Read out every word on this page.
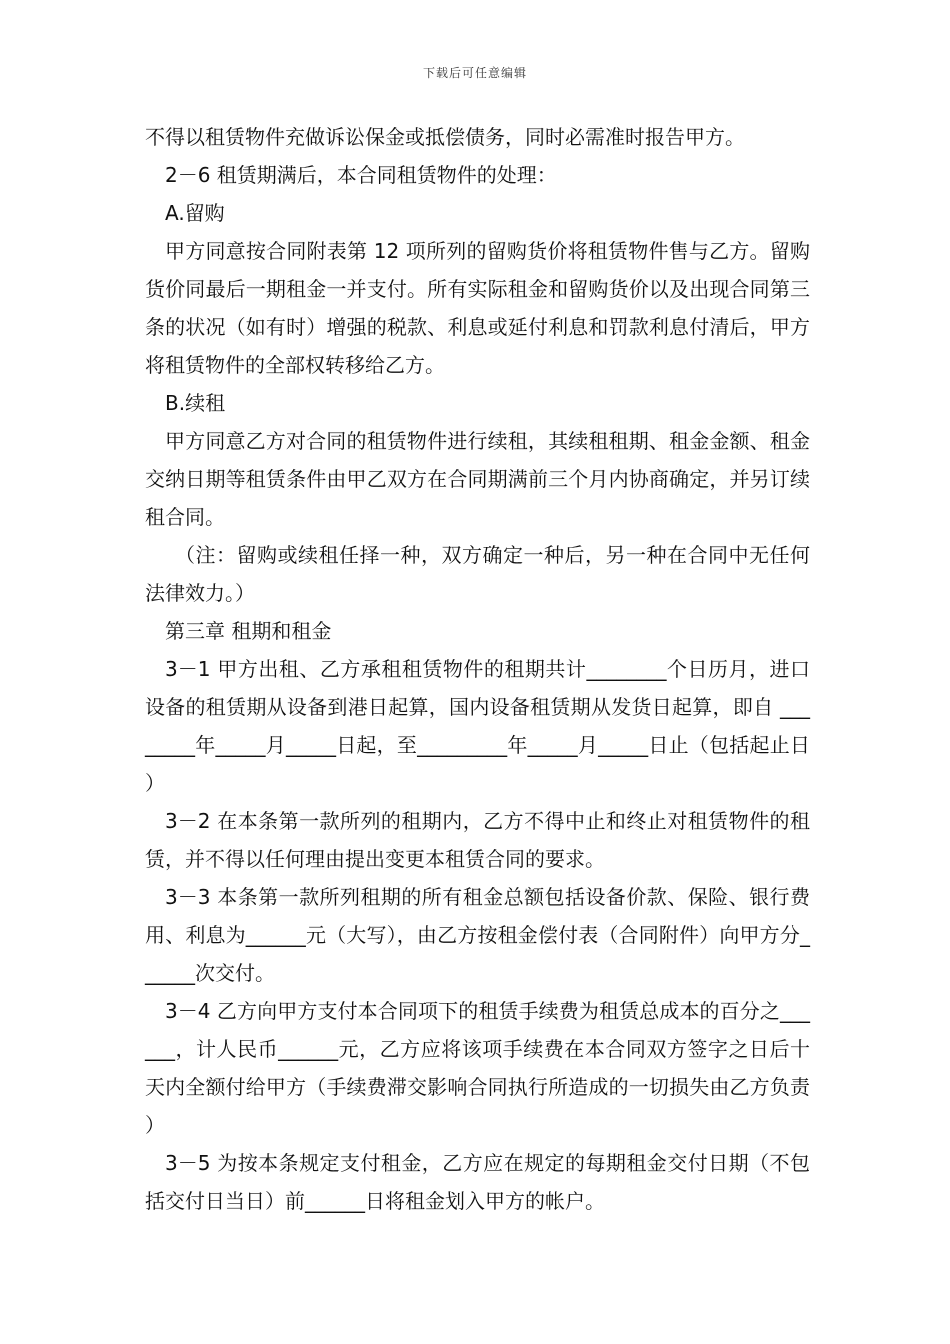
下载后可任意编辑

不得以租赁物件充做诉讼保金或抵偿债务，同时必需准时报告甲方。

2－6 租赁期满后，本合同租赁物件的处理：

A.留购

甲方同意按合同附表第 12 项所列的留购货价将租赁物件售与乙方。留购货价同最后一期租金一并支付。所有实际租金和留购货价以及出现合同第三条的状况（如有时）增强的税款、利息或延付利息和罚款利息付清后，甲方将租赁物件的全部权转移给乙方。

B.续租

甲方同意乙方对合同的租赁物件进行续租，其续租租期、租金金额、租金交纳日期等租赁条件由甲乙双方在合同期满前三个月内协商确定，并另订续租合同。

（注：留购或续租任择一种，双方确定一种后，另一种在合同中无任何法律效力。）

第三章 租期和租金

3－1 甲方出租、乙方承租租赁物件的租期共计________个日历月，进口设备的租赁期从设备到港日起算，国内设备租赁期从发货日起算，即自 ________年_____月_____日起，至_________年_____月_____日止（包括起止日）

3－2 在本条第一款所列的租期内，乙方不得中止和终止对租赁物件的租赁，并不得以任何理由提出变更本租赁合同的要求。

3－3 本条第一款所列租期的所有租金总额包括设备价款、保险、银行费用、利息为______元（大写），由乙方按租金偿付表（合同附件）向甲方分______次交付。

3－4 乙方向甲方支付本合同项下的租赁手续费为租赁总成本的百分之______，计人民币______元，乙方应将该项手续费在本合同双方签字之日后十天内全额付给甲方（手续费滞交影响合同执行所造成的一切损失由乙方负责）

3－5 为按本条规定支付租金，乙方应在规定的每期租金交付日期（不包括交付日当日）前______日将租金划入甲方的帐户。
